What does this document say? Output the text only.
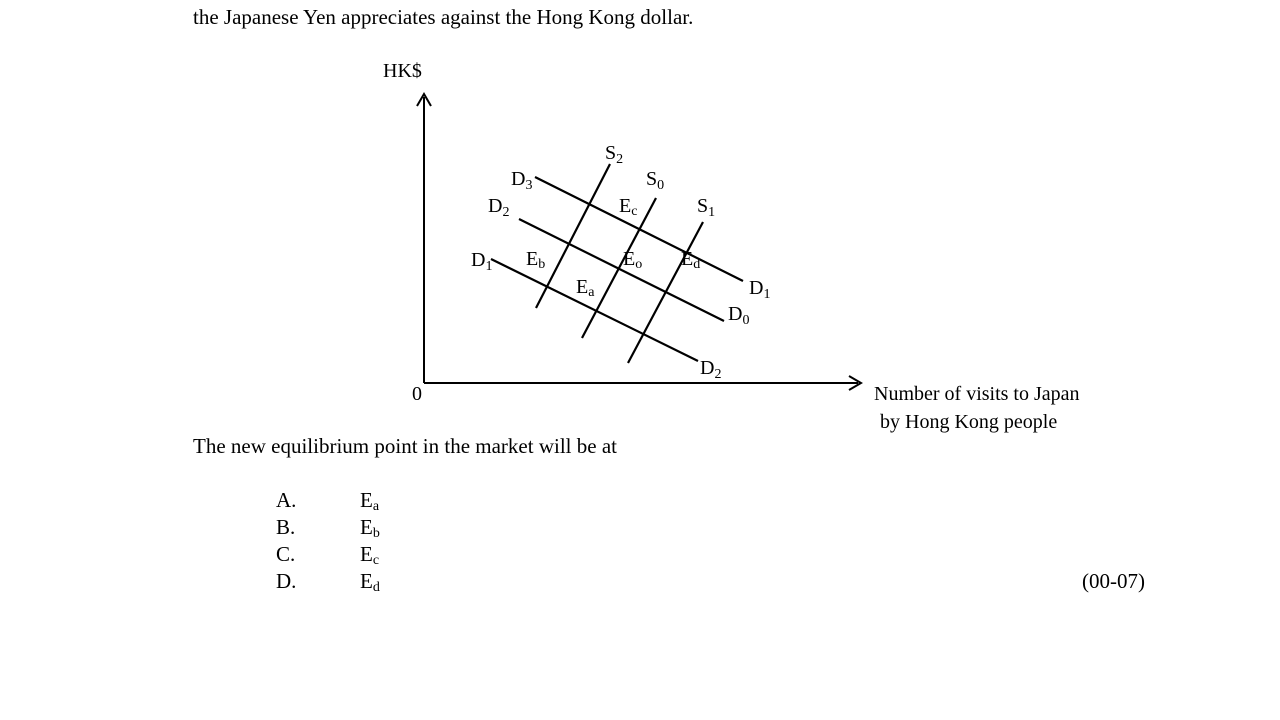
the Japanese Yen appreciates against the Hong Kong dollar.
HK$
0	Number of visits to Japan
by Hong Kong people
$D_3$
$D_2$
$D_1$
$D_1$
$D_0$
$D_2$
$S_2$
$S_0$
$S_1$
Eb	Eo Ed
Ea
Ec
The new equilibrium point in the market will be at
A.	$E_a$
B.	$E_b$
C.	$E_c$
D.	$E_d$	(00-07)
